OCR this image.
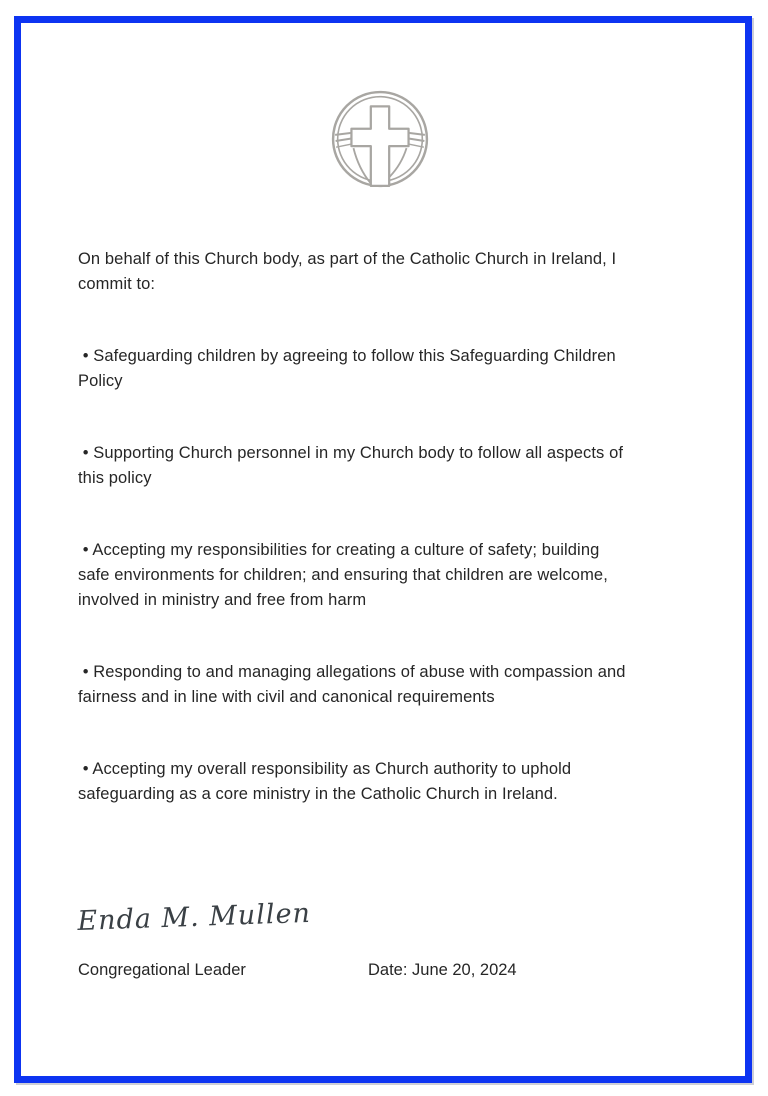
On behalf of this Church body, as part of the Catholic Church in Ireland, I
commit to:

• Safeguarding children by agreeing to follow this Safeguarding Children
Policy

• Supporting Church personnel in my Church body to follow all aspects of
this policy

• Accepting my responsibilities for creating a culture of safety; building
safe environments for children; and ensuring that children are welcome,
involved in ministry and free from harm

• Responding to and managing allegations of abuse with compassion and
fairness and in line with civil and canonical requirements

• Accepting my overall responsibility as Church authority to uphold
safeguarding as a core ministry in the Catholic Church in Ireland.

Enda M. Mullen
Congregational Leader	Date: June 20, 2024
